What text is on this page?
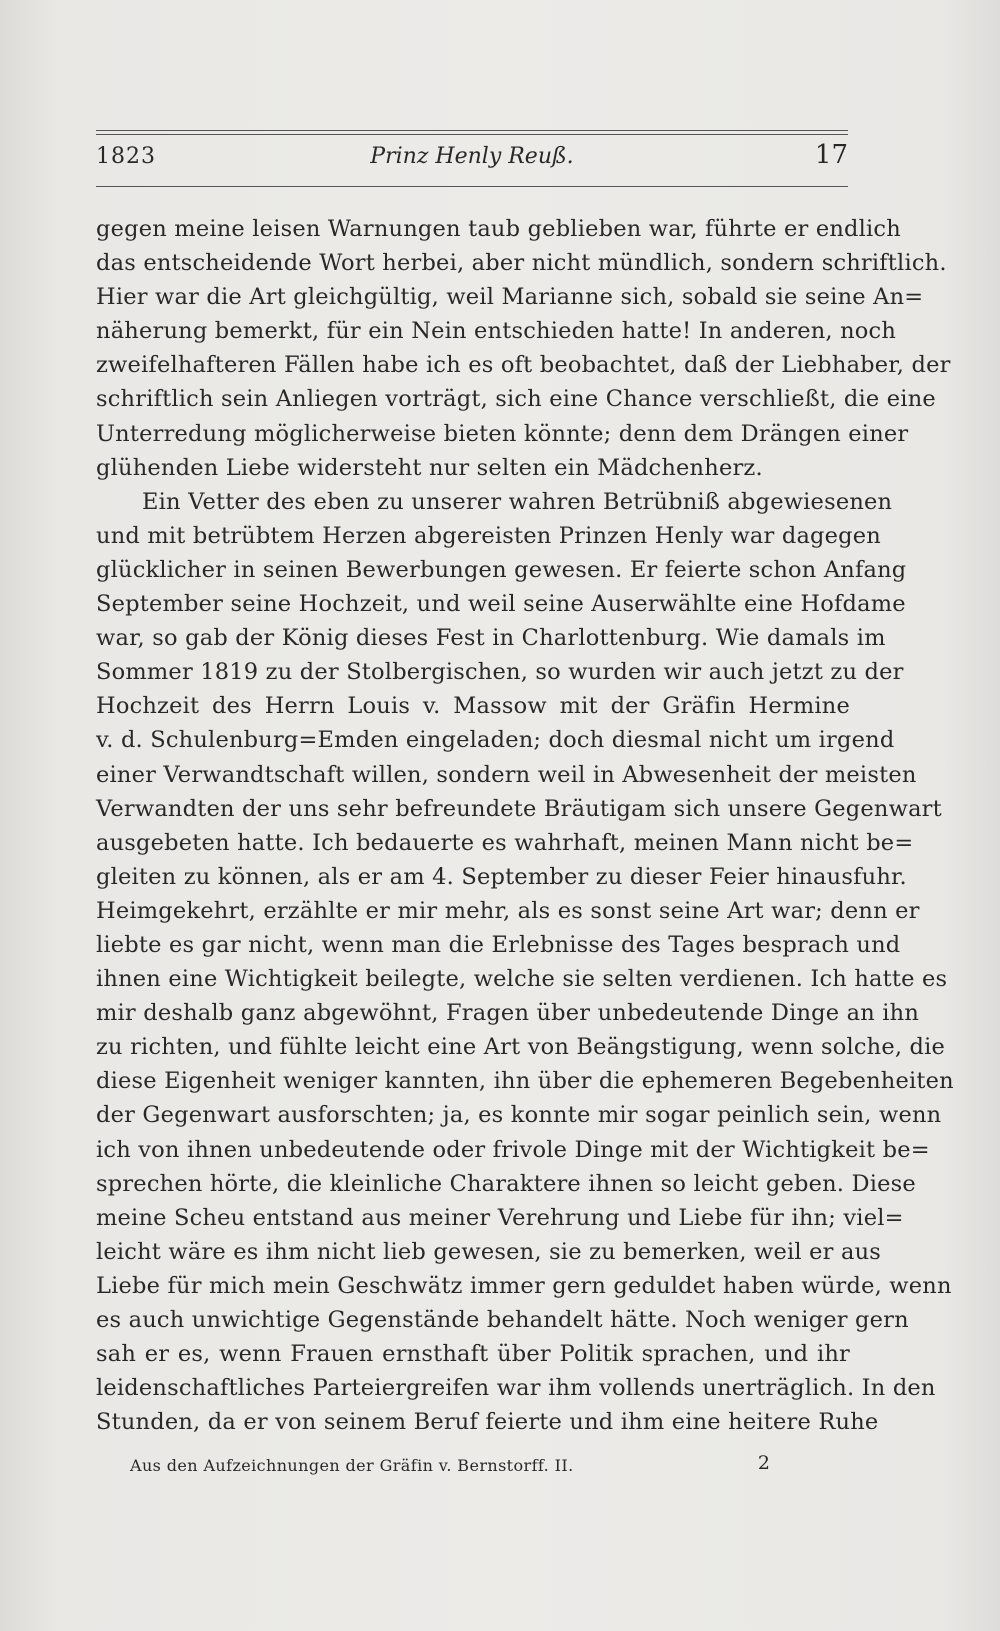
1823	Prinz Henly Reuß.	17
gegen meine leisen Warnungen taub geblieben war, führte er endlich
das entscheidende Wort herbei, aber nicht mündlich, sondern schriftlich.
Hier war die Art gleichgültig, weil Marianne sich, sobald sie seine An=
näherung bemerkt, für ein Nein entschieden hatte! In anderen, noch
zweifelhafteren Fällen habe ich es oft beobachtet, daß der Liebhaber, der
schriftlich sein Anliegen vorträgt, sich eine Chance verschließt, die eine
Unterredung möglicherweise bieten könnte; denn dem Drängen einer
glühenden Liebe widersteht nur selten ein Mädchenherz.
Ein Vetter des eben zu unserer wahren Betrübniß abgewiesenen
und mit betrübtem Herzen abgereisten Prinzen Henly war dagegen
glücklicher in seinen Bewerbungen gewesen. Er feierte schon Anfang
September seine Hochzeit, und weil seine Auserwählte eine Hofdame
war, so gab der König dieses Fest in Charlottenburg. Wie damals im
Sommer 1819 zu der Stolbergischen, so wurden wir auch jetzt zu der
Hochzeit des Herrn Louis v. Massow mit der Gräfin Hermine
v. d. Schulenburg=Emden eingeladen; doch diesmal nicht um irgend
einer Verwandtschaft willen, sondern weil in Abwesenheit der meisten
Verwandten der uns sehr befreundete Bräutigam sich unsere Gegenwart
ausgebeten hatte. Ich bedauerte es wahrhaft, meinen Mann nicht be=
gleiten zu können, als er am 4. September zu dieser Feier hinausfuhr.
Heimgekehrt, erzählte er mir mehr, als es sonst seine Art war; denn er
liebte es gar nicht, wenn man die Erlebnisse des Tages besprach und
ihnen eine Wichtigkeit beilegte, welche sie selten verdienen. Ich hatte es
mir deshalb ganz abgewöhnt, Fragen über unbedeutende Dinge an ihn
zu richten, und fühlte leicht eine Art von Beängstigung, wenn solche, die
diese Eigenheit weniger kannten, ihn über die ephemeren Begebenheiten
der Gegenwart ausforschten; ja, es konnte mir sogar peinlich sein, wenn
ich von ihnen unbedeutende oder frivole Dinge mit der Wichtigkeit be=
sprechen hörte, die kleinliche Charaktere ihnen so leicht geben. Diese
meine Scheu entstand aus meiner Verehrung und Liebe für ihn; viel=
leicht wäre es ihm nicht lieb gewesen, sie zu bemerken, weil er aus
Liebe für mich mein Geschwätz immer gern geduldet haben würde, wenn
es auch unwichtige Gegenstände behandelt hätte. Noch weniger gern
sah er es, wenn Frauen ernsthaft über Politik sprachen, und ihr
leidenschaftliches Parteiergreifen war ihm vollends unerträglich. In den
Stunden, da er von seinem Beruf feierte und ihm eine heitere Ruhe
Aus den Aufzeichnungen der Gräfin v. Bernstorff. II.	2
